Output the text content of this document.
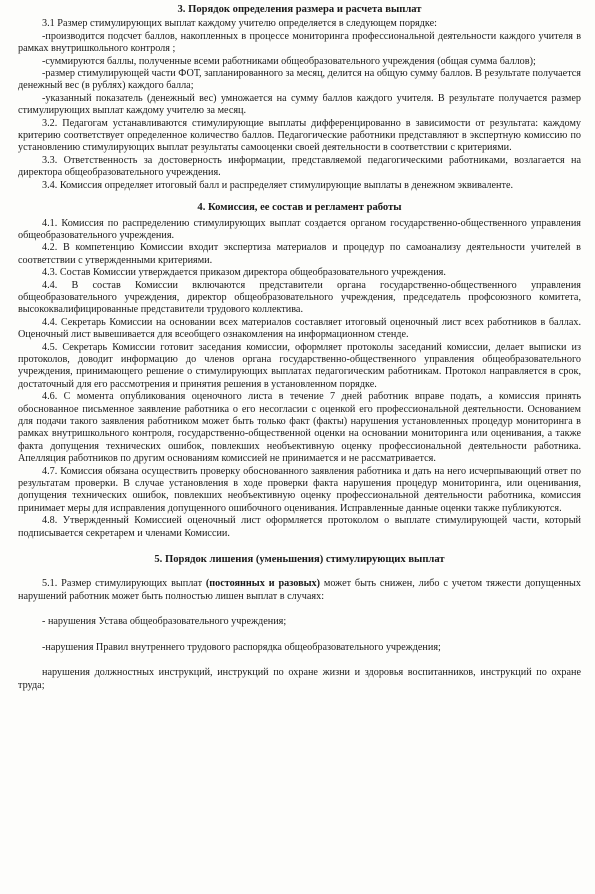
3. Порядок определения размера и расчета выплат

3.1 Размер стимулирующих выплат каждому учителю определяется в следующем порядке:

-производится подсчет баллов, накопленных в процессе мониторинга профессиональной деятельности каждого учителя в рамках внутришкольного контроля ;

-суммируются баллы, полученные всеми работниками общеобразовательного учреждения (общая сумма баллов);

-размер стимулирующей части ФОТ, запланированного за месяц, делится на общую сумму баллов. В результате получается денежный вес (в рублях) каждого балла;

-указанный показатель (денежный вес) умножается на сумму баллов каждого учителя. В результате получается размер стимулирующих выплат каждому учителю за месяц.

3.2. Педагогам устанавливаются стимулирующие выплаты дифференцированно в зависимости от результата: каждому критерию соответствует определенное количество баллов. Педагогические работники представляют в экспертную комиссию по установлению стимулирующих выплат результаты самооценки своей деятельности в соответствии с критериями.

3.3. Ответственность за достоверность информации, представляемой педагогическими работниками, возлагается на директора общеобразовательного учреждения.

3.4. Комиссия определяет итоговый балл и распределяет стимулирующие выплаты в денежном эквиваленте.

4. Комиссия, ее состав и регламент работы

4.1. Комиссия по распределению стимулирующих выплат создается органом государственно-общественного управления общеобразовательного учреждения.

4.2. В компетенцию Комиссии входит экспертиза материалов и процедур по самоанализу деятельности учителей в соответствии с утвержденными критериями.

4.3. Состав Комиссии утверждается приказом директора общеобразовательного учреждения.

4.4. В состав Комиссии включаются представители органа государственно-общественного управления общеобразовательного учреждения, директор общеобразовательного учреждения, председатель профсоюзного комитета, высококвалифицированные представители трудового коллектива.

4.4. Секретарь Комиссии на основании всех материалов составляет итоговый оценочный лист всех работников в баллах. Оценочный лист вывешивается для всеобщего ознакомления на информационном стенде.

4.5. Секретарь Комиссии готовит заседания комиссии, оформляет протоколы заседаний комиссии, делает выписки из протоколов, доводит информацию до членов органа государственно-общественного управления общеобразовательного учреждения, принимающего решение о стимулирующих выплатах педагогическим работникам. Протокол направляется в срок, достаточный для его рассмотрения и принятия решения в установленном порядке.

4.6. С момента опубликования оценочного листа в течение 7 дней работник вправе подать, а комиссия принять обоснованное письменное заявление работника о его несогласии с оценкой его профессиональной деятельности. Основанием для подачи такого заявления работником может быть только факт (факты) нарушения установленных процедур мониторинга в рамках внутришкольного контроля, государственно-общественной оценки на основании мониторинга или оценивания, а также факта допущения технических ошибок, повлекших необъективную оценку профессиональной деятельности работника. Апелляция работников по другим основаниям комиссией не принимается и не рассматривается.

4.7. Комиссия обязана осуществить проверку обоснованного заявления работника и дать на него исчерпывающий ответ по результатам проверки. В случае установления в ходе проверки факта нарушения процедур мониторинга, или оценивания, допущения технических ошибок, повлекших необъективную оценку профессиональной деятельности работника, комиссия принимает меры для исправления допущенного ошибочного оценивания. Исправленные данные оценки также публикуются.

4.8. Утвержденный Комиссией оценочный лист оформляется протоколом о выплате стимулирующей части, который подписывается секретарем и членами Комиссии.

5. Порядок лишения (уменьшения) стимулирующих выплат

5.1. Размер стимулирующих выплат (постоянных и разовых) может быть снижен, либо с учетом тяжести допущенных нарушений работник может быть полностью лишен выплат в случаях:

- нарушения Устава общеобразовательного учреждения;

-нарушения Правил внутреннего трудового распорядка общеобразовательного учреждения;

нарушения должностных инструкций, инструкций по охране жизни и здоровья воспитанников, инструкций по охране труда;
